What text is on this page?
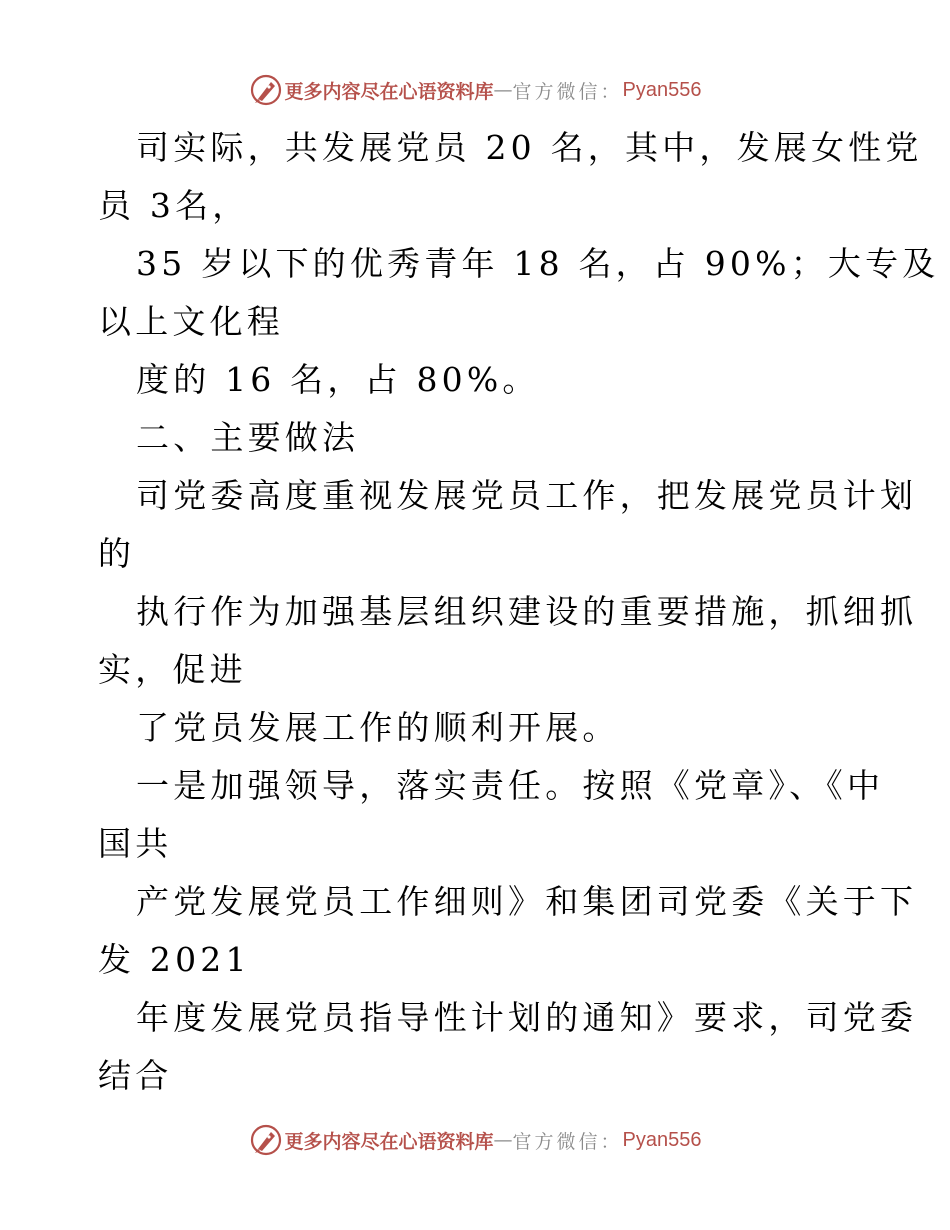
更多内容尽在心语资料库 — 官方微信： Pyan556
司实际，共发展党员 20 名，其中，发展女性党
员 3名，
35 岁以下的优秀青年 18 名，占 90%；大专及
以上文化程
度的 16 名，占 80%。
二、主要做法
司党委高度重视发展党员工作，把发展党员计划
的
执行作为加强基层组织建设的重要措施，抓细抓
实，促进
了党员发展工作的顺利开展。
一是加强领导，落实责任。按照《党章》、《中
国共
产党发展党员工作细则》和集团司党委《关于下
发 2021
年度发展党员指导性计划的通知》要求，司党委
结合
更多内容尽在心语资料库 — 官方微信： Pyan556
